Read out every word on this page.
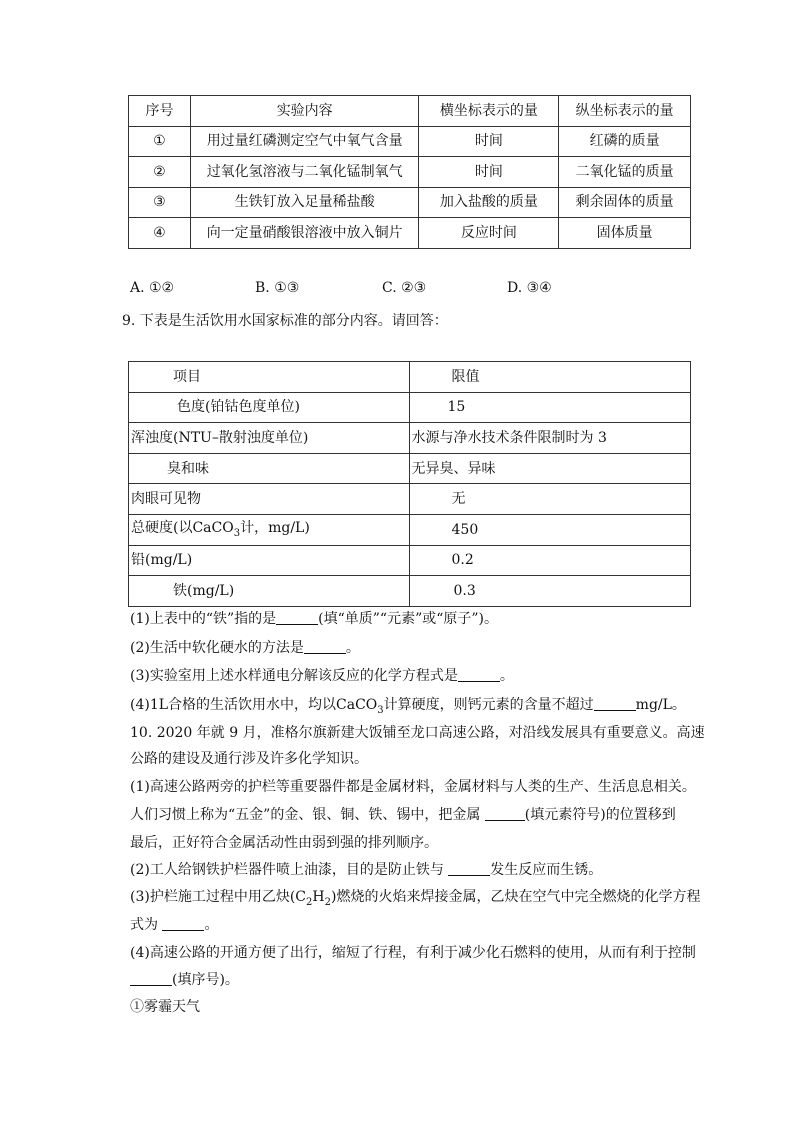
序号	实验内容	横坐标表示的量	纵坐标表示的量
①	用过量红磷测定空气中氧气含量	时间	红磷的质量
②	过氧化氢溶液与二氧化锰制氧气	时间	二氧化锰的质量
③	生铁钉放入足量稀盐酸	加入盐酸的质量	剩余固体的质量
④	向一定量硝酸银溶液中放入铜片	反应时间	固体质量
A. ①②	B. ①③	C. ②③	D. ③④
9. 下表是生活饮用水国家标准的部分内容。请回答：
项目	限值
色度(铂钴色度单位)	15
浑浊度(NTU–散射浊度单位)	水源与净水技术条件限制时为 3
臭和味	无异臭、异味
肉眼可见物	无
总硬度(以CaCO$_3$计，mg/L)	450
铅(mg/L)	0.2
铁(mg/L)	0.3
(1)上表中的“铁”指的是	(填“单质”“元素”或“原子”)。
(2)生活中软化硬水的方法是	。
(3)实验室用上述水样通电分解该反应的化学方程式是	。
(4)1L合格的生活饮用水中，均以CaCO$_3$计算硬度，则钙元素的含量不超过	mg/L。
10. 2020 年就 9 月，准格尔旗新建大饭铺至龙口高速公路，对沿线发展具有重要意义。高速
公路的建设及通行涉及许多化学知识。
(1)高速公路两旁的护栏等重要器件都是金属材料，金属材料与人类的生产、生活息息相关。
人们习惯上称为“五金”的金、银、铜、铁、锡中，把金属	(填元素符号)的位置移到
最后，正好符合金属活动性由弱到强的排列顺序。
(2)工人给钢铁护栏器件喷上油漆，目的是防止铁与	发生反应而生锈。
(3)护栏施工过程中用乙炔$(C_2H_2)$燃烧的火焰来焊接金属，乙炔在空气中完全燃烧的化学方程
式为	。
(4)高速公路的开通方便了出行，缩短了行程，有利于减少化石燃料的使用，从而有利于控制
(填序号)。
①雾霾天气
